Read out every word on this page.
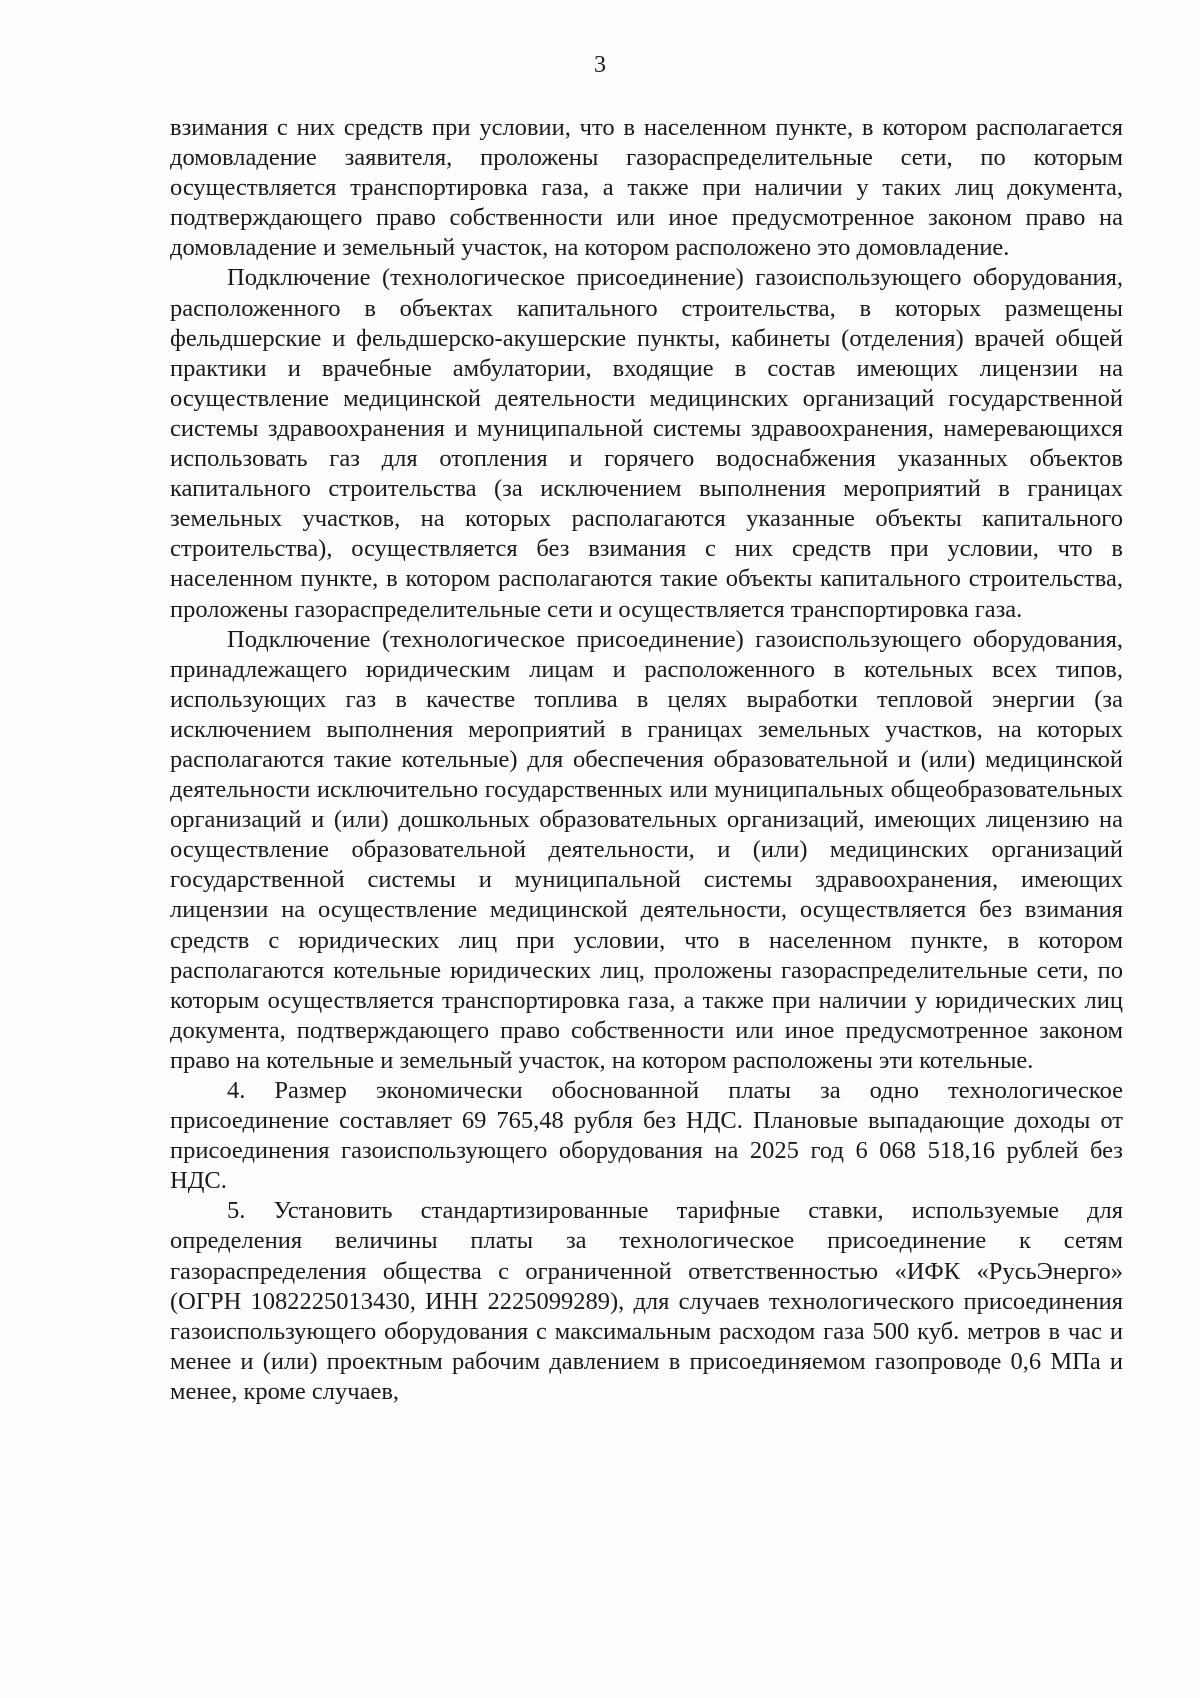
3

взимания с них средств при условии, что в населенном пункте, в котором располагается домовладение заявителя, проложены газораспределительные сети, по которым осуществляется транспортировка газа, а также при наличии у таких лиц документа, подтверждающего право собственности или иное предусмотренное законом право на домовладение и земельный участок, на котором расположено это домовладение.

Подключение (технологическое присоединение) газоиспользующего оборудования, расположенного в объектах капитального строительства, в которых размещены фельдшерские и фельдшерско-акушерские пункты, кабинеты (отделения) врачей общей практики и врачебные амбулатории, входящие в состав имеющих лицензии на осуществление медицинской деятельности медицинских организаций государственной системы здравоохранения и муниципальной системы здравоохранения, намеревающихся использовать газ для отопления и горячего водоснабжения указанных объектов капитального строительства (за исключением выполнения мероприятий в границах земельных участков, на которых располагаются указанные объекты капитального строительства), осуществляется без взимания с них средств при условии, что в населенном пункте, в котором располагаются такие объекты капитального строительства, проложены газораспределительные сети и осуществляется транспортировка газа.

Подключение (технологическое присоединение) газоиспользующего оборудования, принадлежащего юридическим лицам и расположенного в котельных всех типов, использующих газ в качестве топлива в целях выработки тепловой энергии (за исключением выполнения мероприятий в границах земельных участков, на которых располагаются такие котельные) для обеспечения образовательной и (или) медицинской деятельности исключительно государственных или муниципальных общеобразовательных организаций и (или) дошкольных образовательных организаций, имеющих лицензию на осуществление образовательной деятельности, и (или) медицинских организаций государственной системы и муниципальной системы здравоохранения, имеющих лицензии на осуществление медицинской деятельности, осуществляется без взимания средств с юридических лиц при условии, что в населенном пункте, в котором располагаются котельные юридических лиц, проложены газораспределительные сети, по которым осуществляется транспортировка газа, а также при наличии у юридических лиц документа, подтверждающего право собственности или иное предусмотренное законом право на котельные и земельный участок, на котором расположены эти котельные.

4. Размер экономически обоснованной платы за одно технологическое присоединение составляет 69 765,48 рубля без НДС. Плановые выпадающие доходы от присоединения газоиспользующего оборудования на 2025 год 6 068 518,16 рублей без НДС.

5. Установить стандартизированные тарифные ставки, используемые для определения величины платы за технологическое присоединение к сетям газораспределения общества с ограниченной ответственностью «ИФК «РусьЭнерго» (ОГРН 1082225013430, ИНН 2225099289), для случаев технологического присоединения газоиспользующего оборудования с максимальным расходом газа 500 куб. метров в час и менее и (или) проектным рабочим давлением в присоединяемом газопроводе 0,6 МПа и менее, кроме случаев,
